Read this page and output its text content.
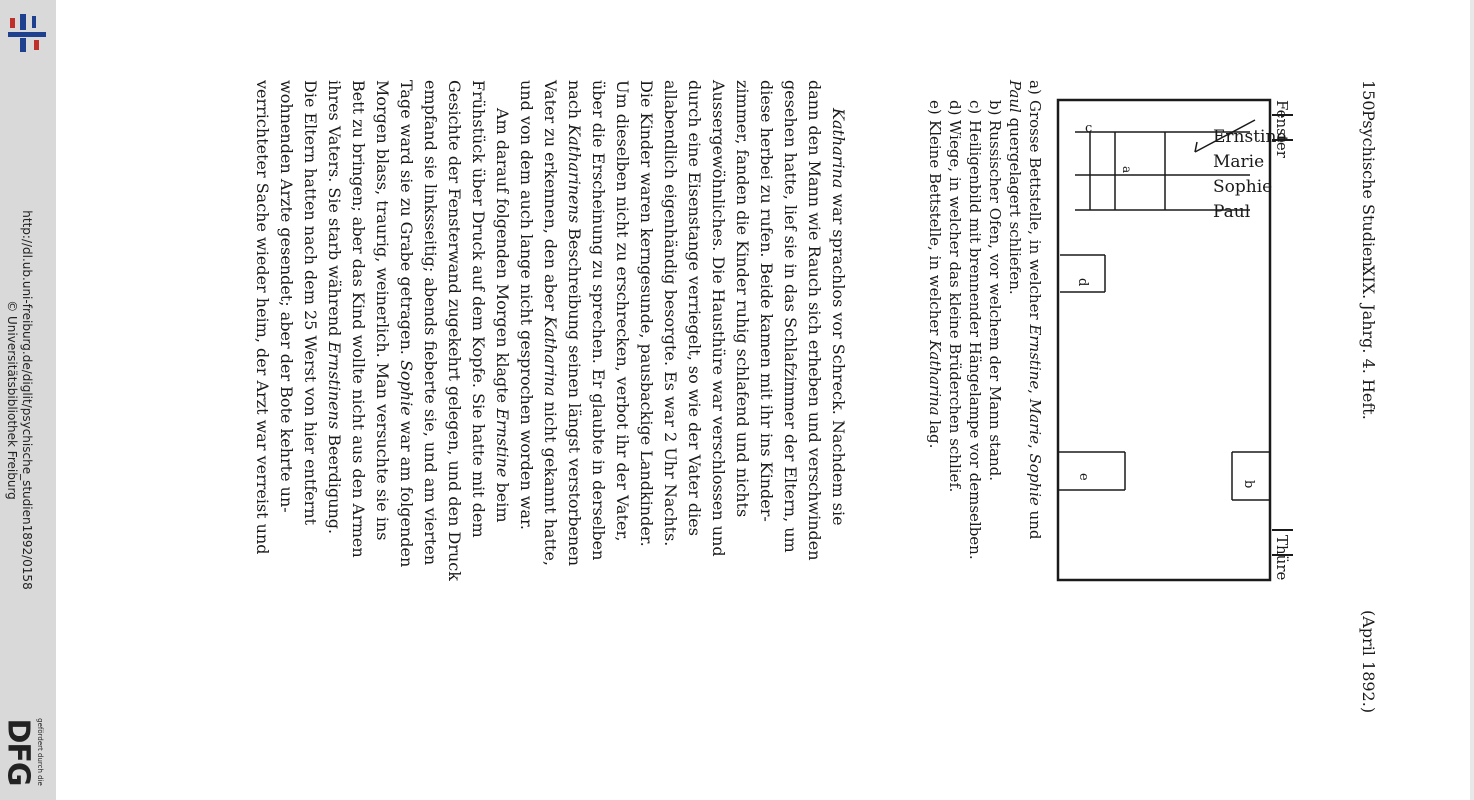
http://dl.ub.uni-freiburg.de/diglit/psychische_studien1892/0158
© Universitätsbibliothek Freiburg
gefördert durch die
DFG
150
Psychische Studien.
XIX. Jahrg. 4. Heft.
(April 1892.)
Fenster
Thüre
a
c
d
b
e
Ernstine
Marie
Sophie
Paul
a)Grosse Bettstelle, in welcher Ernstine, Marie, Sophie und
Paul quergelagert schliefen.
b)Russischer Ofen, vor welchem der Mann stand.
c)Heiligenbild mit brennender Hängelampe vor demselben.
d)Wiege, in welcher das kleine Brüderchen schlief.
e)Kleine Bettstelle, in welcher Katharina lag.
Katharina war sprachlos vor Schreck. Nachdem sie
dann den Mann wie Rauch sich erheben und verschwinden
gesehen hatte, lief sie in das Schlafzimmer der Eltern, um
diese herbei zu rufen. Beide kamen mit ihr ins Kinder-
zimmer, fanden die Kinder ruhig schlafend und nichts
Aussergewöhnliches. Die Hausthüre war verschlossen und
durch eine Eisenstange verriegelt, so wie der Vater dies
allabendlich eigenhändig besorgte. Es war 2 Uhr Nachts.
Die Kinder waren kerngesunde, pausbackige Landkinder.
Um dieselben nicht zu erschrecken, verbot ihr der Vater,
über die Erscheinung zu sprechen. Er glaubte in derselben
nach Katharinens Beschreibung seinen längst verstorbenen
Vater zu erkennen, den aber Katharina nicht gekannt hatte,
und von dem auch lange nicht gesprochen worden war.
Am darauf folgenden Morgen klagte Ernstine beim
Frühstück über Druck auf dem Kopfe. Sie hatte mit dem
Gesichte der Fensterwand zugekehrt gelegen, und den Druck
empfand sie linksseitig; abends fieberte sie, und am vierten
Tage ward sie zu Grabe getragen. Sophie war am folgenden
Morgen blass, traurig, weinerlich. Man versuchte sie ins
Bett zu bringen; aber das Kind wollte nicht aus den Armen
ihres Vaters. Sie starb während Ernstinens Beerdigung.
Die Eltern hatten nach dem 25 Werst von hier entfernt
wohnenden Arzte gesendet; aber der Bote kehrte un-
verrichteter Sache wieder heim, der Arzt war verreist und
